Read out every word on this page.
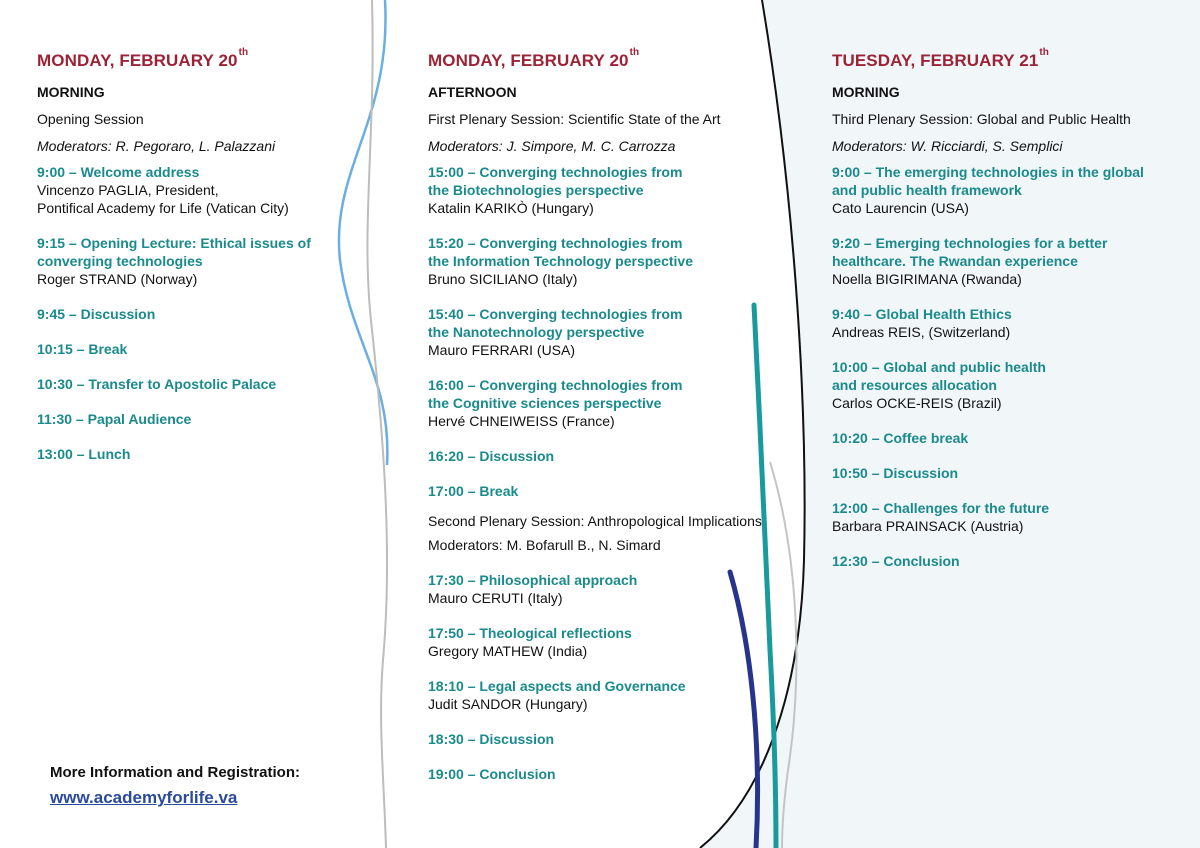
MONDAY, FEBRUARY 20th
MORNING
Opening Session
Moderators: R. Pegoraro, L. Palazzani
9:00 – Welcome address
Vincenzo PAGLIA, President,
Pontifical Academy for Life (Vatican City)
9:15 – Opening Lecture: Ethical issues of converging technologies
Roger STRAND (Norway)
9:45 – Discussion
10:15 – Break
10:30 – Transfer to Apostolic Palace
11:30 – Papal Audience
13:00 – Lunch
MONDAY, FEBRUARY 20th
AFTERNOON
First Plenary Session: Scientific State of the Art
Moderators: J. Simpore, M. C. Carrozza
15:00 – Converging technologies from
the Biotechnologies perspective
Katalin KARIKÒ (Hungary)
15:20 – Converging technologies from
the Information Technology perspective
Bruno SICILIANO (Italy)
15:40 – Converging technologies from
the Nanotechnology perspective
Mauro FERRARI (USA)
16:00 – Converging technologies from
the Cognitive sciences perspective
Hervé CHNEIWEISS (France)
16:20 – Discussion
17:00 – Break
Second Plenary Session: Anthropological Implications
Moderators: M. Bofarull B., N. Simard
17:30 – Philosophical approach
Mauro CERUTI (Italy)
17:50 – Theological reflections
Gregory MATHEW (India)
18:10 – Legal aspects and Governance
Judit SANDOR (Hungary)
18:30 – Discussion
19:00 – Conclusion
TUESDAY, FEBRUARY 21th
MORNING
Third Plenary Session: Global and Public Health
Moderators: W. Ricciardi, S. Semplici
9:00 – The emerging technologies in the global
and public health framework
Cato Laurencin (USA)
9:20 – Emerging technologies for a better
healthcare. The Rwandan experience
Noella BIGIRIMANA (Rwanda)
9:40 – Global Health Ethics
Andreas REIS, (Switzerland)
10:00 – Global and public health
and resources allocation
Carlos OCKE-REIS (Brazil)
10:20 – Coffee break
10:50 – Discussion
12:00 – Challenges for the future
Barbara PRAINSACK (Austria)
12:30 – Conclusion
More Information and Registration:
www.academyforlife.va
